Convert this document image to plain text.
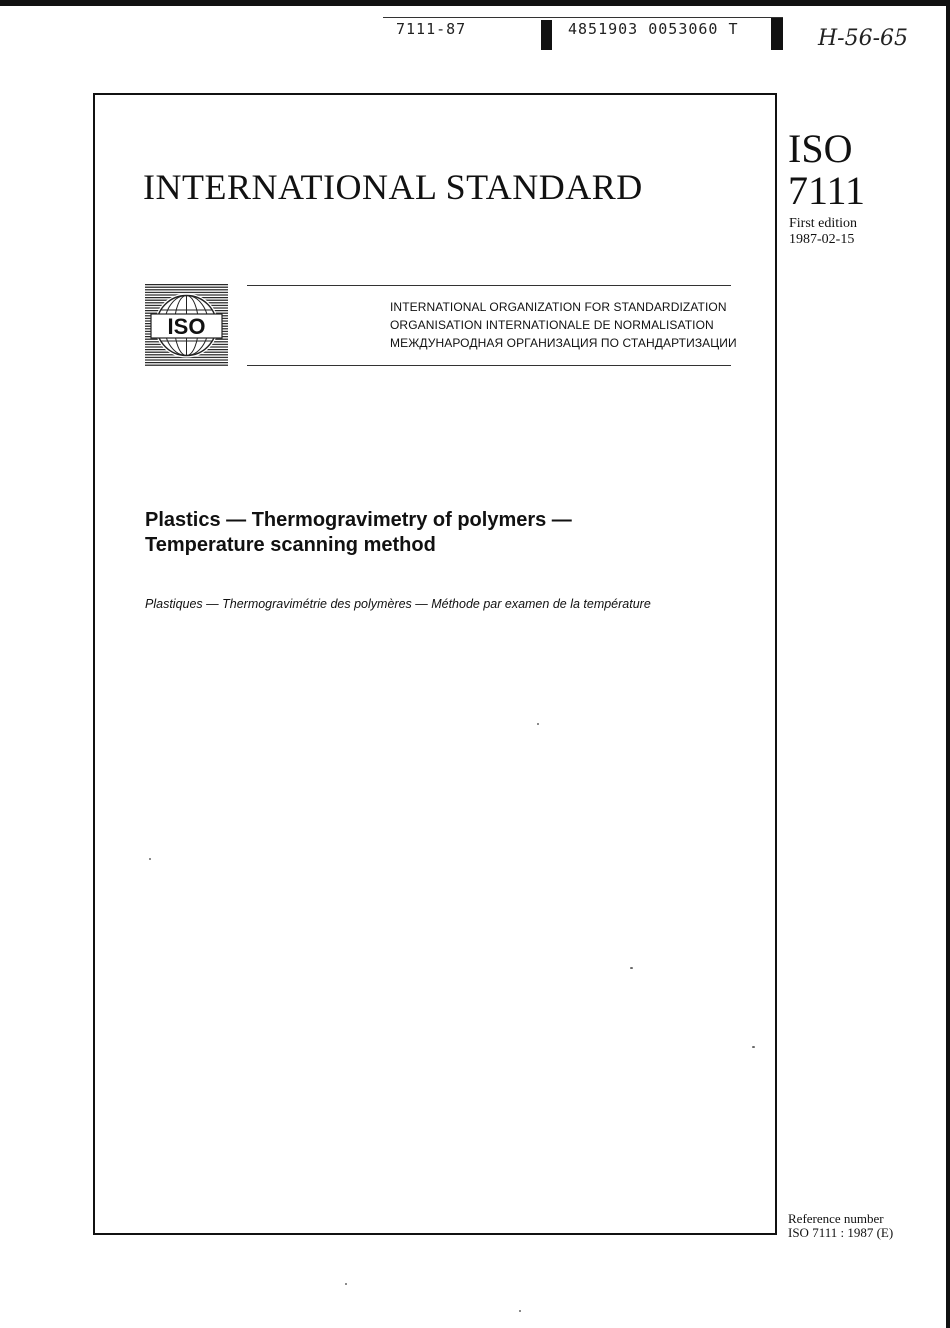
7111-87	4851903 0053060 T	H-56-65
INTERNATIONAL STANDARD
ISO
7111
First edition
1987-02-15
ISO
INTERNATIONAL ORGANIZATION FOR STANDARDIZATION
ORGANISATION INTERNATIONALE DE NORMALISATION
МЕЖДУНАРОДНАЯ ОРГАНИЗАЦИЯ ПО СТАНДАРТИЗАЦИИ
Plastics — Thermogravimetry of polymers —
Temperature scanning method
Plastiques — Thermogravimétrie des polymères — Méthode par examen de la température
Reference number
ISO 7111 : 1987 (E)
